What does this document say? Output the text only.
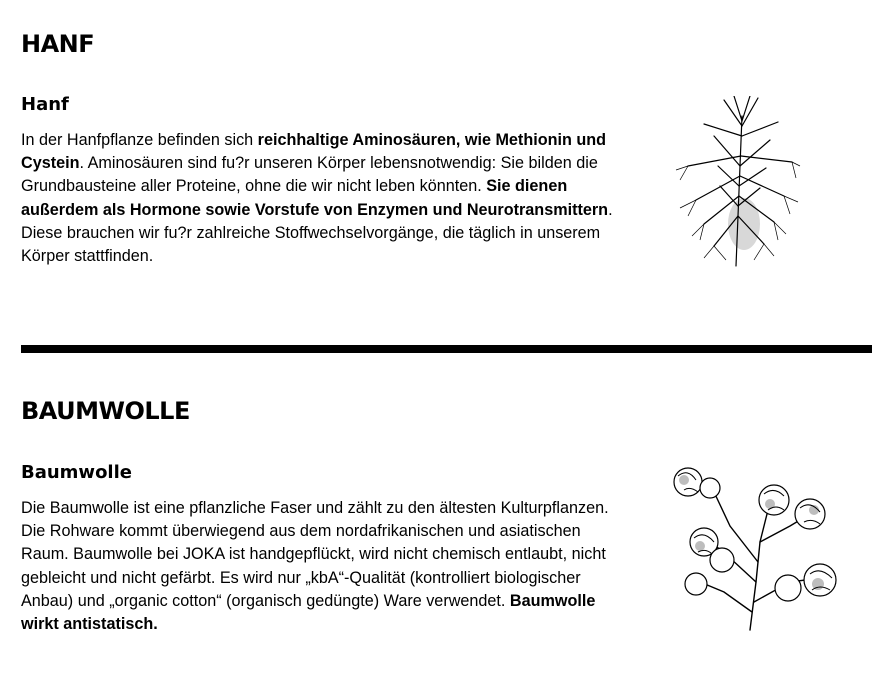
HANF
Hanf

In der Hanfpflanze befinden sich reichhaltige Aminosäuren, wie Methionin und Cystein. Aminosäuren sind fu?r unseren Körper lebensnotwendig: Sie bilden die Grundbausteine aller Proteine, ohne die wir nicht leben könnten. Sie dienen außerdem als Hormone sowie Vorstufe von Enzymen und Neurotransmittern. Diese brauchen wir fu?r zahlreiche Stoffwechselvorgänge, die täglich in unserem Körper stattfinden.

BAUMWOLLE
Baumwolle

Die Baumwolle ist eine pflanzliche Faser und zählt zu den ältesten Kulturpflanzen. Die Rohware kommt überwiegend aus dem nordafrikanischen und asiatischen Raum. Baumwolle bei JOKA ist handgepflückt, wird nicht chemisch entlaubt, nicht gebleicht und nicht gefärbt. Es wird nur „kbA“-Qualität (kontrolliert biologischer Anbau) und „organic cotton“ (organisch gedüngte) Ware verwendet. Baumwolle wirkt antistatisch.
